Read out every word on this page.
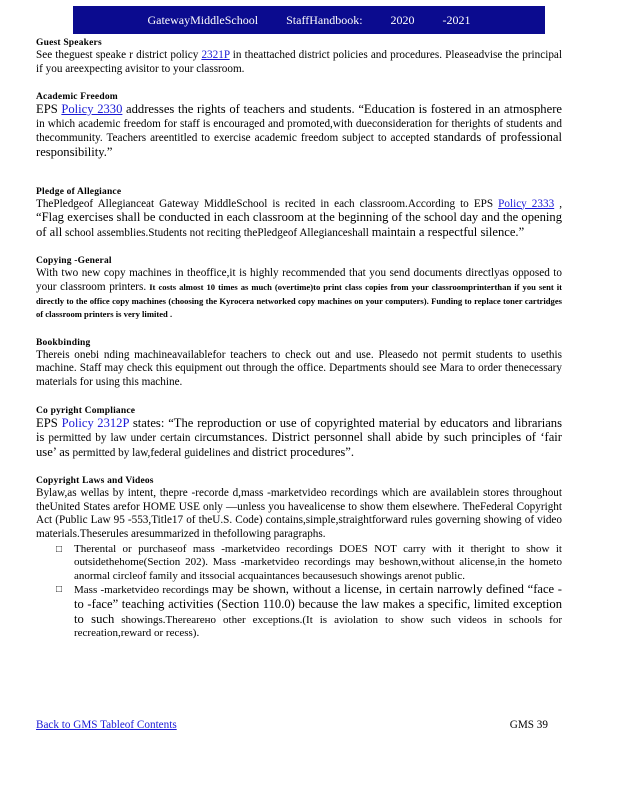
GatewayMiddleSchool StaffHandbook: 2020 -2021
Guest Speakers

See theguest speake r district policy 2321P in theattached district policies and procedures. Pleaseadvise the principal if you areexpecting avisitor to your classroom.

Academic Freedom

EPS Policy 2330 addresses the rights of teachers and students. “Education is fostered in an atmosphere in which academic freedom for staff is encouraged and promoted,with dueconsideration for therights of students and thecommunity. Teachers areentitled to exercise academic freedom subject to accepted standards of professional responsibility.”

Pledge of Allegiance

ThePledgeof Allegianceat Gateway MiddleSchool is recited in each classroom.According to EPS Policy 2333 , “Flag exercises shall be conducted in each classroom at the beginning of the school day and the opening of all school assemblies.Students not reciting thePledgeof Allegianceshall maintain a respectful silence.”

Copying -General

With two new copy machines in theoffice,it is highly recommended that you send documents directlyas opposed to your classroom printers. It costs almost 10 times as much (overtime)to print class copies from your classroomprinterthan if you sent it directly to the office copy machines (choosing the Kyrocera networked copy machines on your computers). Funding to replace toner cartridges of classroom printers is very limited .

Bookbinding

Thereis onebi nding machineavailablefor teachers to check out and use. Pleasedo not permit students to usethis machine. Staff may check this equipment out through the office. Departments should see Mara to order thenecessary materials for using this machine.

Co pyright Compliance

EPS Policy 2312P states: “The reproduction or use of copyrighted material by educators and librarians is permitted by law under certain circumstances. District personnel shall abide by such principles of ‘fair use’ as permitted by law,federal guidelines and district procedures”.

Copyright Laws and Videos

Bylaw,as wellas by intent, thepre -recorde d,mass -marketvideo recordings which are availablein stores throughout theUnited States arefor HOME USE only —unless you havealicense to show them elsewhere. TheFederal Copyright Act (Public Law 95 -553,Title17 of theU.S. Code) contains,simple,straightforward rules governing showing of video materials.Theserules aresummarized in thefollowing paragraphs.

□ Therental or purchaseof mass -marketvideo recordings DOES NOT carry with it theright to show it outsidethehome(Section 202). Mass -marketvideo recordings may beshown,without alicense,in the hometo anormal circleof family and itssocial acquaintances becausesuch showings arenot public.
□ Mass -marketvideo recordings may be shown, without a license, in certain narrowly defined “face -to -face” teaching activities (Section 110.0) because the law makes a specific, limited exception to such showings.Therearено other exceptions.(It is aviolation to show such videos in schools for recreation,reward or recess).
Back to GMS Tableof Contents	GMS 39
